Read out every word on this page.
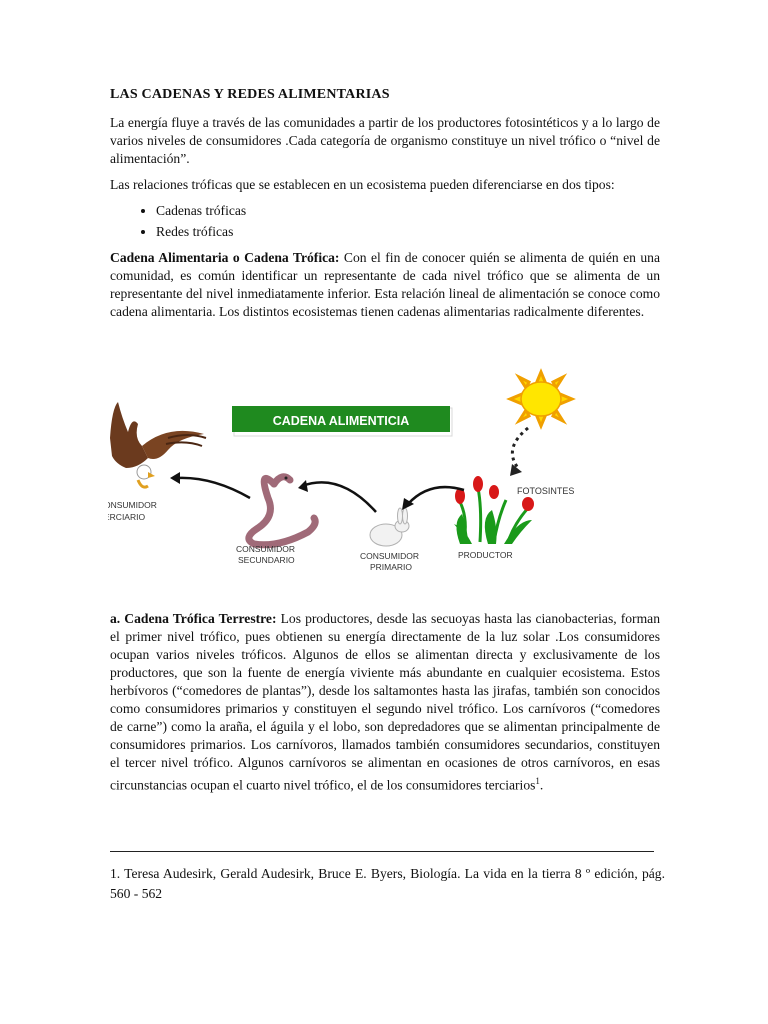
LAS CADENAS Y REDES ALIMENTARIAS

La energía fluye a través de las comunidades a partir de los productores fotosintéticos y a lo largo de varios niveles de consumidores .Cada categoría de organismo constituye un nivel trófico o “nivel de alimentación”.

Las relaciones tróficas que se establecen en un ecosistema pueden diferenciarse en dos tipos:

• Cadenas tróficas
• Redes tróficas

Cadena Alimentaria o Cadena Trófica: Con el fin de conocer quién se alimenta de quién en una comunidad, es común identificar un representante de cada nivel trófico que se alimenta de un representante del nivel inmediatamente inferior. Esta relación lineal de alimentación se conoce como cadena alimentaria. Los distintos ecosistemas tienen cadenas alimentarias radicalmente diferentes.

CADENA ALIMENTICIA
FOTOSINTES
ONSUMIDOR
ERCIARIO
CONSUMIDOR
SECUNDARIO	CONSUMIDOR
PRIMARIO
PRODUCTOR

a. Cadena Trófica Terrestre: Los productores, desde las secuoyas hasta las cianobacterias, forman el primer nivel trófico, pues obtienen su energía directamente de la luz solar .Los consumidores ocupan varios niveles tróficos. Algunos de ellos se alimentan directa y exclusivamente de los productores, que son la fuente de energía viviente más abundante en cualquier ecosistema. Estos herbívoros (“comedores de plantas”), desde los saltamontes hasta las jirafas, también son conocidos como consumidores primarios y constituyen el segundo nivel trófico. Los carnívoros (“comedores de carne”) como la araña, el águila y el lobo, son depredadores que se alimentan principalmente de consumidores primarios. Los carnívoros, llamados también consumidores secundarios, constituyen el tercer nivel trófico. Algunos carnívoros se alimentan en ocasiones de otros carnívoros, en esas circunstancias ocupan el cuarto nivel trófico, el de los consumidores terciarios$^1$.

1. Teresa Audesirk, Gerald Audesirk, Bruce E. Byers, Biología. La vida en la tierra 8 º edición, pág. 560 - 562
